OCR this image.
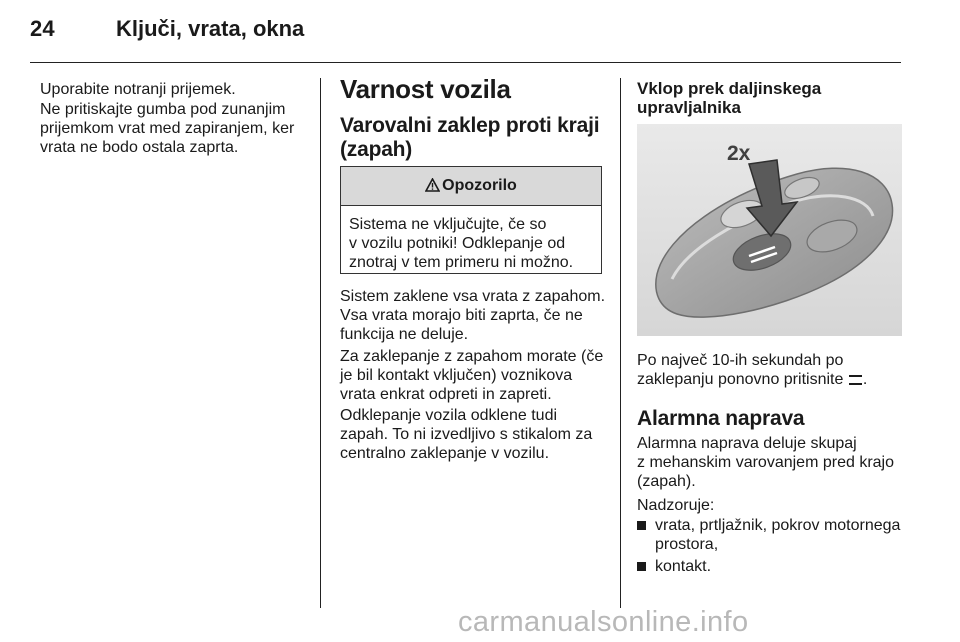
24	Ključi, vrata, okna

Uporabite notranji prijemek.

Ne pritiskajte gumba pod zunanjim
prijemkom vrat med zapiranjem, ker
vrata ne bodo ostala zaprta.

Varnost vozila
Varovalni zaklep proti kraji
(zapah)
Opozorilo
Sistema ne vključujte, če so
v vozilu potniki! Odklepanje od
znotraj v tem primeru ni možno.

Sistem zaklene vsa vrata z zapahom.
Vsa vrata morajo biti zaprta, če ne
funkcija ne deluje.

Za zaklepanje z zapahom morate (če
je bil kontakt vključen) voznikova
vrata enkrat odpreti in zapreti.

Odklepanje vozila odklene tudi
zapah. To ni izvedljivo s stikalom za
centralno zaklepanje v vozilu.

Vklop prek daljinskega
upravljalnika
2x

Po največ 10-ih sekundah po
zaklepanju ponovno pritisnite .

Alarmna naprava

Alarmna naprava deluje skupaj
z mehanskim varovanjem pred krajo
(zapah).

Nadzoruje:

vrata, prtljažnik, pokrov motornega
prostora,

kontakt.

carmanualsonline.info
